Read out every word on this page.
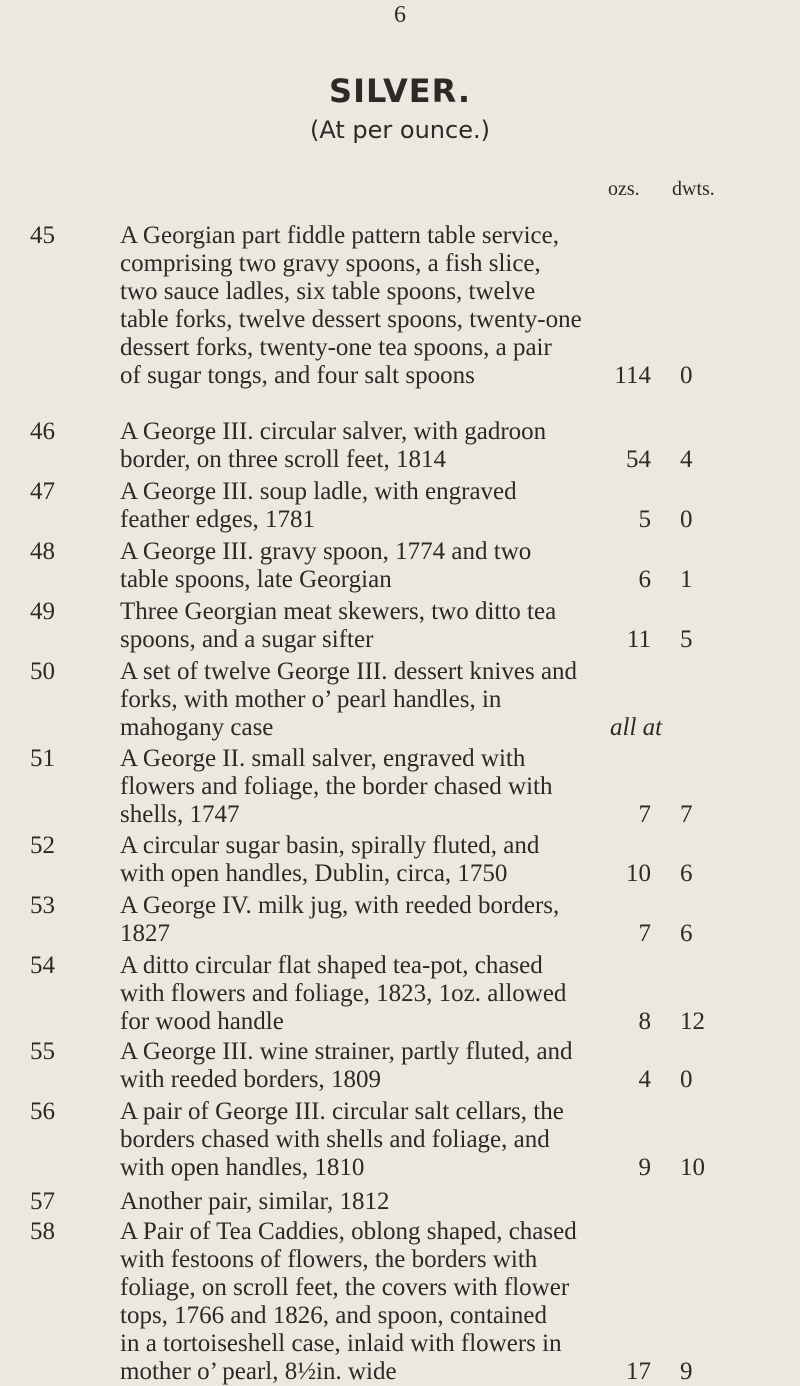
6
SILVER.
(At per ounce.)
ozs. dwts.
45	A Georgian part fiddle pattern table service,
comprising two gravy spoons, a fish slice,
two sauce ladles, six table spoons, twelve
table forks, twelve dessert spoons, twenty-one
dessert forks, twenty-one tea spoons, a pair
of sugar tongs, and four salt spoons	114 0
46	A George III. circular salver, with gadroon
border, on three scroll feet, 1814	54 4
47	A George III. soup ladle, with engraved
feather edges, 1781	5 0
48	A George III. gravy spoon, 1774 and two
table spoons, late Georgian	6 1
49	Three Georgian meat skewers, two ditto tea
spoons, and a sugar sifter	11 5
50	A set of twelve George III. dessert knives and
forks, with mother o’ pearl handles, in
mahogany case	all at
51	A George II. small salver, engraved with
flowers and foliage, the border chased with
shells, 1747	7 7
52	A circular sugar basin, spirally fluted, and
with open handles, Dublin, circa, 1750	10 6
53	A George IV. milk jug, with reeded borders,
1827	7 6
54	A ditto circular flat shaped tea-pot, chased
with flowers and foliage, 1823, 1oz. allowed
for wood handle	8 12
55	A George III. wine strainer, partly fluted, and
with reeded borders, 1809	4 0
56	A pair of George III. circular salt cellars, the
borders chased with shells and foliage, and
with open handles, 1810	9 10
57	Another pair, similar, 1812
58	A Pair of Tea Caddies, oblong shaped, chased
with festoons of flowers, the borders with
foliage, on scroll feet, the covers with flower
tops, 1766 and 1826, and spoon, contained
in a tortoiseshell case, inlaid with flowers in
mother o’ pearl, 8½in. wide	17 9
